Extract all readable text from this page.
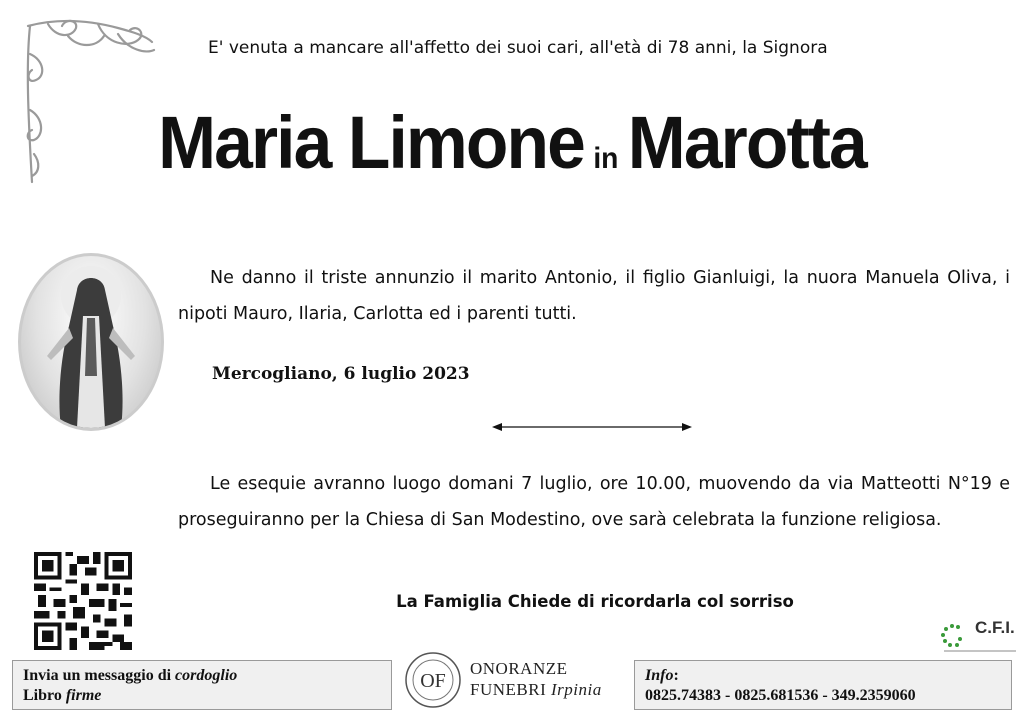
E' venuta a mancare all'affetto dei suoi cari, all'età di 78 anni, la Signora
Maria Limone in Marotta
Ne danno il triste annunzio il marito Antonio, il figlio Gianluigi, la nuora Manuela Oliva, i nipoti Mauro, Ilaria, Carlotta ed i parenti tutti.
Mercogliano, 6 luglio 2023
Le esequie avranno luogo domani 7 luglio, ore 10.00, muovendo da via Matteotti N°19 e proseguiranno per la Chiesa di San Modestino, ove sarà celebrata la funzione religiosa.
La Famiglia Chiede di ricordarla col sorriso
C.F.I.
Invia un messaggio di cordoglio
Libro firme
OF
ONORANZE
FUNEBRI Irpinia
Info:
0825.74383 - 0825.681536 - 349.2359060
